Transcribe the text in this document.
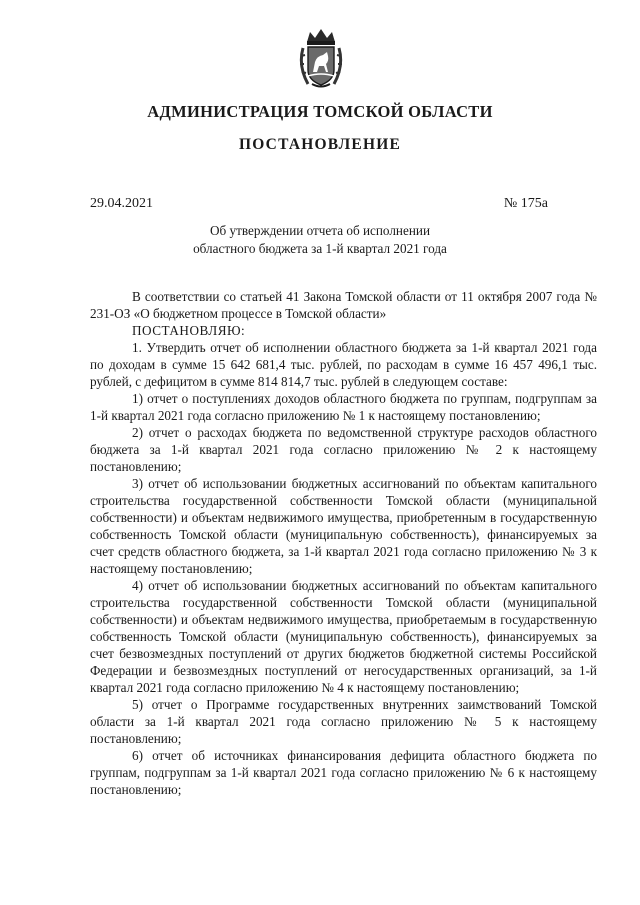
АДМИНИСТРАЦИЯ ТОМСКОЙ ОБЛАСТИ
ПОСТАНОВЛЕНИЕ
29.04.2021	№ 175а
Об утверждении отчета об исполнении
областного бюджета за 1-й квартал 2021 года

В соответствии со статьей 41 Закона Томской области от 11 октября 2007 года № 231-ОЗ «О бюджетном процессе в Томской области»

ПОСТАНОВЛЯЮ:

1. Утвердить отчет об исполнении областного бюджета за 1-й квартал 2021 года по доходам в сумме 15 642 681,4 тыс. рублей, по расходам в сумме 16 457 496,1 тыс. рублей, с дефицитом в сумме 814 814,7 тыс. рублей в следующем составе:

1) отчет о поступлениях доходов областного бюджета по группам, подгруппам за 1-й квартал 2021 года согласно приложению № 1 к настоящему постановлению;

2) отчет о расходах бюджета по ведомственной структуре расходов областного бюджета за 1-й квартал 2021 года согласно приложению № 2 к настоящему постановлению;

3) отчет об использовании бюджетных ассигнований по объектам капитального строительства государственной собственности Томской области (муниципальной собственности) и объектам недвижимого имущества, приобретенным в государственную собственность Томской области (муниципальную собственность), финансируемых за счет средств областного бюджета, за 1-й квартал 2021 года согласно приложению № 3 к настоящему постановлению;

4) отчет об использовании бюджетных ассигнований по объектам капитального строительства государственной собственности Томской области (муниципальной собственности) и объектам недвижимого имущества, приобретаемым в государственную собственность Томской области (муниципальную собственность), финансируемых за счет безвозмездных поступлений от других бюджетов бюджетной системы Российской Федерации и безвозмездных поступлений от негосударственных организаций, за 1-й квартал 2021 года согласно приложению № 4 к настоящему постановлению;

5) отчет о Программе государственных внутренних заимствований Томской области за 1-й квартал 2021 года согласно приложению № 5 к настоящему постановлению;

6) отчет об источниках финансирования дефицита областного бюджета по группам, подгруппам за 1-й квартал 2021 года согласно приложению № 6 к настоящему постановлению;
